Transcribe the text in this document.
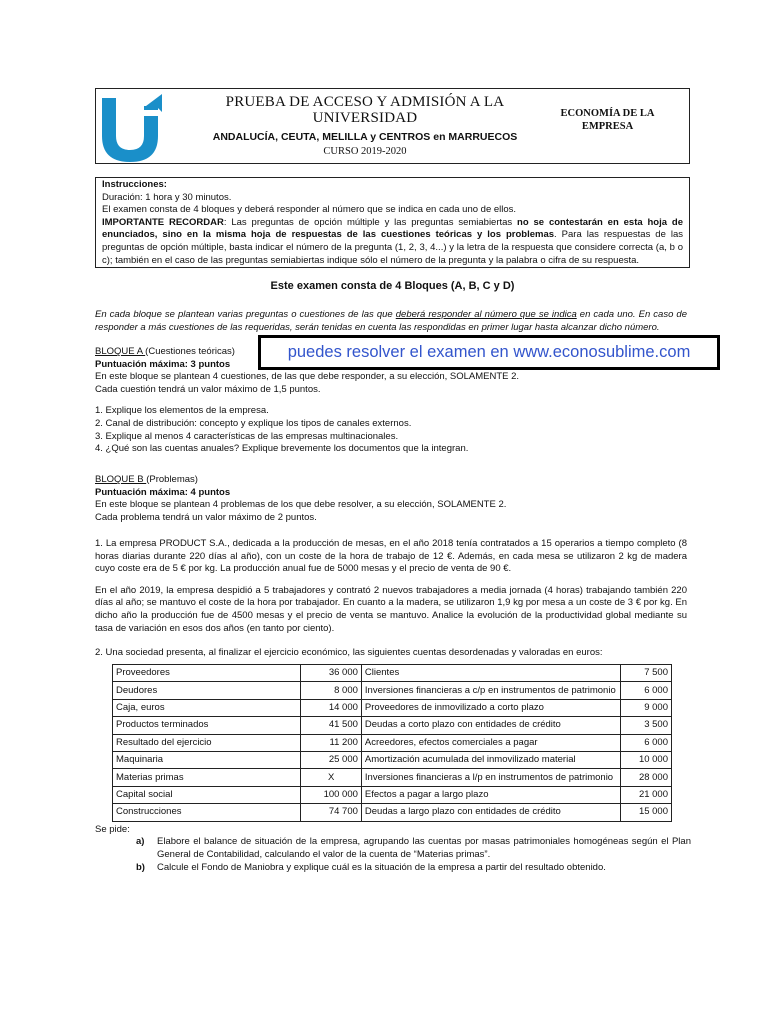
PRUEBA DE ACCESO Y ADMISIÓN A LA UNIVERSIDAD
ANDALUCÍA, CEUTA, MELILLA y CENTROS en MARRUECOS
CURSO 2019-2020
ECONOMÍA DE LA EMPRESA

Instrucciones:

Duración: 1 hora y 30 minutos.

El examen consta de 4 bloques y deberá responder al número que se indica en cada uno de ellos.

IMPORTANTE RECORDAR: Las preguntas de opción múltiple y las preguntas semiabiertas no se contestarán en esta hoja de enunciados, sino en la misma hoja de respuestas de las cuestiones teóricas y los problemas. Para las respuestas de las preguntas de opción múltiple, basta indicar el número de la pregunta (1, 2, 3, 4...) y la letra de la respuesta que considere correcta (a, b o c); también en el caso de las preguntas semiabiertas indique sólo el número de la pregunta y la palabra o cifra de su respuesta.

Este examen consta de 4 Bloques (A, B, C y D)
En cada bloque se plantean varias preguntas o cuestiones de las que deberá responder al número que se indica en cada uno. En caso de responder a más cuestiones de las requeridas, serán tenidas en cuenta las respondidas en primer lugar hasta alcanzar dicho número.
puedes resolver el examen en www.econosublime.com

BLOQUE A (Cuestiones teóricas)

Puntuación máxima: 3 puntos

En este bloque se plantean 4 cuestiones, de las que debe responder, a su elección, SOLAMENTE 2.

Cada cuestión tendrá un valor máximo de 1,5 puntos.

1. Explique los elementos de la empresa.

2. Canal de distribución: concepto y explique los tipos de canales externos.

3. Explique al menos 4 características de las empresas multinacionales.

4. ¿Qué son las cuentas anuales? Explique brevemente los documentos que la integran.

BLOQUE B (Problemas)

Puntuación máxima: 4 puntos

En este bloque se plantean 4 problemas de los que debe resolver, a su elección, SOLAMENTE 2.

Cada problema tendrá un valor máximo de 2 puntos.

1. La empresa PRODUCT S.A., dedicada a la producción de mesas, en el año 2018 tenía contratados a 15 operarios a tiempo completo (8 horas diarias durante 220 días al año), con un coste de la hora de trabajo de 12 €. Además, en cada mesa se utilizaron 2 kg de madera cuyo coste era de 5 € por kg. La producción anual fue de 5000 mesas y el precio de venta de 90 €.

En el año 2019, la empresa despidió a 5 trabajadores y contrató 2 nuevos trabajadores a media jornada (4 horas) trabajando también 220 días al año; se mantuvo el coste de la hora por trabajador. En cuanto a la madera, se utilizaron 1,9 kg por mesa a un coste de 3 € por kg. En dicho año la producción fue de 4500 mesas y el precio de venta se mantuvo. Analice la evolución de la productividad global mediante su tasa de variación en esos dos años (en tanto por ciento).

2. Una sociedad presenta, al finalizar el ejercicio económico, las siguientes cuentas desordenadas y valoradas en euros:
Proveedores	36 000	Clientes	7 500
Deudores	8 000	Inversiones financieras a c/p en instrumentos de patrimonio	6 000
Caja, euros	14 000	Proveedores de inmovilizado a corto plazo	9 000
Productos terminados	41 500	Deudas a corto plazo con entidades de crédito	3 500
Resultado del ejercicio	11 200	Acreedores, efectos comerciales a pagar	6 000
Maquinaria	25 000	Amortización acumulada del inmovilizado material	10 000
Materias primas	X	Inversiones financieras a l/p en instrumentos de patrimonio	28 000
Capital social	100 000	Efectos a pagar a largo plazo	21 000
Construcciones	74 700	Deudas a largo plazo con entidades de crédito	15 000
Se pide:
a) Elabore el balance de situación de la empresa, agrupando las cuentas por masas patrimoniales homogéneas según el Plan General de Contabilidad, calculando el valor de la cuenta de “Materias primas”.
b) Calcule el Fondo de Maniobra y explique cuál es la situación de la empresa a partir del resultado obtenido.
